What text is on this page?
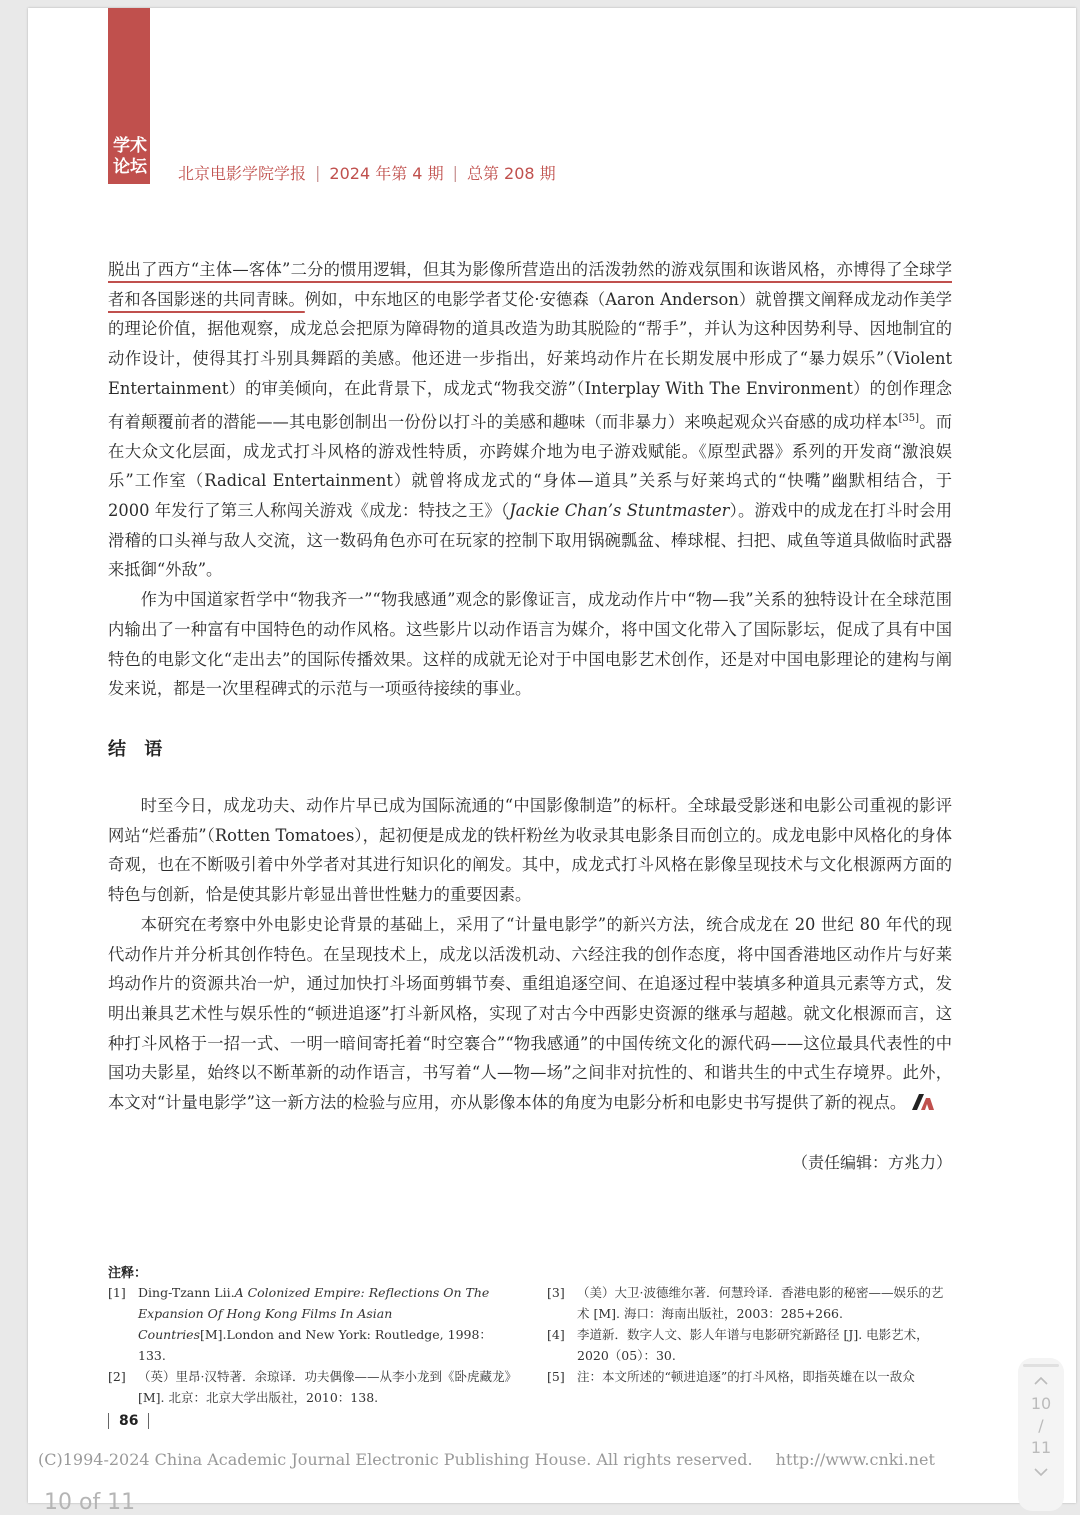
学术
论坛 北京电影学院学报 | 2024 年第 4 期 | 总第 208 期

脱出了西方“主体—客体”二分的惯用逻辑，但其为影像所营造出的活泼勃然的游戏氛围和诙谐风格，亦博得了全球学者和各国影迷的共同青睐。例如，中东地区的电影学者艾伦·安德森（Aaron Anderson）就曾撰文阐释成龙动作美学的理论价值，据他观察，成龙总会把原为障碍物的道具改造为助其脱险的“帮手”，并认为这种因势利导、因地制宜的动作设计，使得其打斗别具舞蹈的美感。他还进一步指出，好莱坞动作片在长期发展中形成了“暴力娱乐”（Violent Entertainment）的审美倾向，在此背景下，成龙式“物我交游”（Interplay With The Environment）的创作理念有着颠覆前者的潜能——其电影创制出一份份以打斗的美感和趣味（而非暴力）来唤起观众兴奋感的成功样本[35]。而在大众文化层面，成龙式打斗风格的游戏性特质，亦跨媒介地为电子游戏赋能。《原型武器》系列的开发商“激浪娱乐”工作室（Radical Entertainment）就曾将成龙式的“身体—道具”关系与好莱坞式的“快嘴”幽默相结合，于 2000 年发行了第三人称闯关游戏《成龙：特技之王》（Jackie Chan’s Stuntmaster）。游戏中的成龙在打斗时会用滑稽的口头禅与敌人交流，这一数码角色亦可在玩家的控制下取用锅碗瓢盆、棒球棍、扫把、咸鱼等道具做临时武器来抵御“外敌”。

作为中国道家哲学中“物我齐一”“物我感通”观念的影像证言，成龙动作片中“物—我”关系的独特设计在全球范围内输出了一种富有中国特色的动作风格。这些影片以动作语言为媒介，将中国文化带入了国际影坛，促成了具有中国特色的电影文化“走出去”的国际传播效果。这样的成就无论对于中国电影艺术创作，还是对中国电影理论的建构与阐发来说，都是一次里程碑式的示范与一项亟待接续的事业。

结 语

时至今日，成龙功夫、动作片早已成为国际流通的“中国影像制造”的标杆。全球最受影迷和电影公司重视的影评网站“烂番茄”（Rotten Tomatoes），起初便是成龙的铁杆粉丝为收录其电影条目而创立的。成龙电影中风格化的身体奇观，也在不断吸引着中外学者对其进行知识化的阐发。其中，成龙式打斗风格在影像呈现技术与文化根源两方面的特色与创新，恰是使其影片彰显出普世性魅力的重要因素。

本研究在考察中外电影史论背景的基础上，采用了“计量电影学”的新兴方法，统合成龙在 20 世纪 80 年代的现代动作片并分析其创作特色。在呈现技术上，成龙以活泼机动、六经注我的创作态度，将中国香港地区动作片与好莱坞动作片的资源共冶一炉，通过加快打斗场面剪辑节奏、重组追逐空间、在追逐过程中装填多种道具元素等方式，发明出兼具艺术性与娱乐性的“顿进追逐”打斗新风格，实现了对古今中西影史资源的继承与超越。就文化根源而言，这种打斗风格于一招一式、一明一暗间寄托着“时空褰合”“物我感通”的中国传统文化的源代码——这位最具代表性的中国功夫影星，始终以不断革新的动作语言，书写着“人—物—场”之间非对抗性的、和谐共生的中式生存境界。此外，本文对“计量电影学”这一新方法的检验与应用，亦从影像本体的角度为电影分析和电影史书写提供了新的视点。

（责任编辑：方兆力）
注释：
[1] Ding-Tzann Lii.A Colonized Empire: Reflections On The Expansion Of Hong Kong Films In Asian Countries[M].London and New York: Routledge, 1998：133.
[2] （英）里昂·汉特著．余琼译．功夫偶像——从李小龙到《卧虎藏龙》[M]. 北京：北京大学出版社，2010：138.
[3] （美）大卫·波德维尔著．何慧玲译．香港电影的秘密——娱乐的艺术 [M]. 海口：海南出版社，2003：285+266.
[4] 李道新．数字人文、影人年谱与电影研究新路径 [J]. 电影艺术，2020（05）：30.
[5] 注：本文所述的“顿进追逐”的打斗风格，即指英雄在以一敌众
86
(C)1994-2024 China Academic Journal Electronic Publishing House. All rights reserved. http://www.cnki.net
10 of 11
10
/
11
